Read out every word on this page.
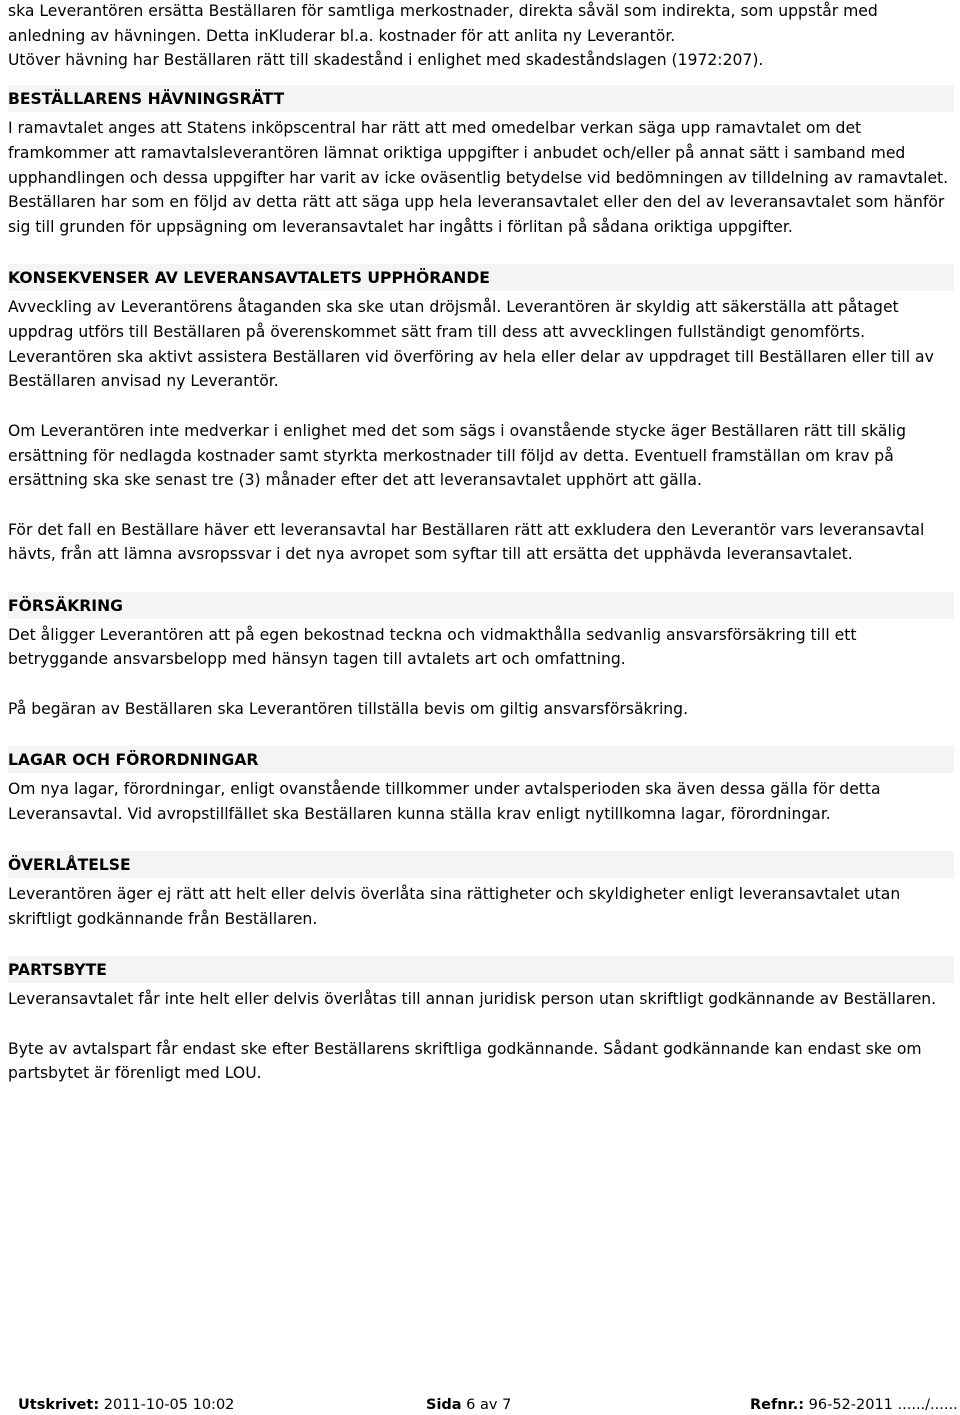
ska Leverantören ersätta Beställaren för samtliga merkostnader, direkta såväl som indirekta, som uppstår med anledning av hävningen. Detta inKluderar bl.a. kostnader för att anlita ny Leverantör.

Utöver hävning har Beställaren rätt till skadestånd i enlighet med skadeståndslagen (1972:207).

BESTÄLLARENS HÄVNINGSRÄTT

I ramavtalet anges att Statens inköpscentral har rätt att med omedelbar verkan säga upp ramavtalet om det framkommer att ramavtalsleverantören lämnat oriktiga uppgifter i anbudet och/eller på annat sätt i samband med upphandlingen och dessa uppgifter har varit av icke oväsentlig betydelse vid bedömningen av tilldelning av ramavtalet. Beställaren har som en följd av detta rätt att säga upp hela leveransavtalet eller den del av leveransavtalet som hänför sig till grunden för uppsägning om leveransavtalet har ingåtts i förlitan på sådana oriktiga uppgifter.

KONSEKVENSER AV LEVERANSAVTALETS UPPHÖRANDE

Avveckling av Leverantörens åtaganden ska ske utan dröjsmål. Leverantören är skyldig att säkerställa att påtaget uppdrag utförs till Beställaren på överenskommet sätt fram till dess att avvecklingen fullständigt genomförts. Leverantören ska aktivt assistera Beställaren vid överföring av hela eller delar av uppdraget till Beställaren eller till av Beställaren anvisad ny Leverantör.

Om Leverantören inte medverkar i enlighet med det som sägs i ovanstående stycke äger Beställaren rätt till skälig ersättning för nedlagda kostnader samt styrkta merkostnader till följd av detta. Eventuell framställan om krav på ersättning ska ske senast tre (3) månader efter det att leveransavtalet upphört att gälla.

För det fall en Beställare häver ett leveransavtal har Beställaren rätt att exkludera den Leverantör vars leveransavtal hävts, från att lämna avsropssvar i det nya avropet som syftar till att ersätta det upphävda leveransavtalet.

FÖRSÄKRING

Det åligger Leverantören att på egen bekostnad teckna och vidmakthålla sedvanlig ansvarsförsäkring till ett betryggande ansvarsbelopp med hänsyn tagen till avtalets art och omfattning.

På begäran av Beställaren ska Leverantören tillställa bevis om giltig ansvarsförsäkring.

LAGAR OCH FÖRORDNINGAR

Om nya lagar, förordningar, enligt ovanstående tillkommer under avtalsperioden ska även dessa gälla för detta Leveransavtal. Vid avropstillfället ska Beställaren kunna ställa krav enligt nytillkomna lagar, förordningar.

ÖVERLÅTELSE

Leverantören äger ej rätt att helt eller delvis överlåta sina rättigheter och skyldigheter enligt leveransavtalet utan skriftligt godkännande från Beställaren.

PARTSBYTE

Leveransavtalet får inte helt eller delvis överlåtas till annan juridisk person utan skriftligt godkännande av Beställaren.

Byte av avtalspart får endast ske efter Beställarens skriftliga godkännande. Sådant godkännande kan endast ske om partsbytet är förenligt med LOU.

Utskrivet: 2011-10-05 10:02	Sida 6 av 7	Refnr.: 96-52-2011 ....../......
